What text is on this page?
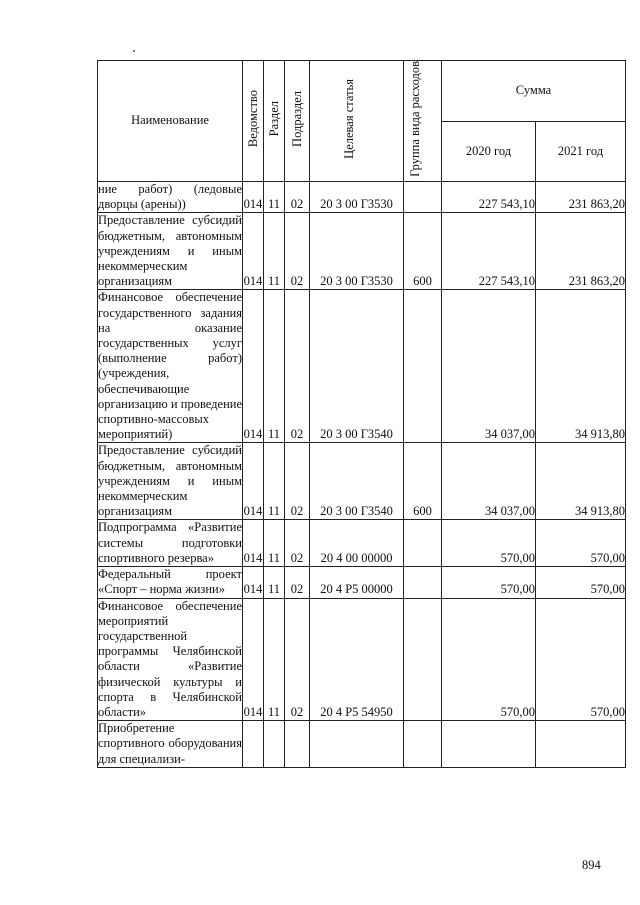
Наименование	Ведомство	Раздел	Подраздел	Целевая статья	Группа вида расходов	Сумма	
						2020 год	2021 год
ние работ) (ледовые дворцы (арены))	014	11	02	20 3 00 Г3530		227 543,10	231 863,20
Предоставление субсидий бюджетным, автономным учреждениям и иным некоммерческим организациям	014	11	02	20 3 00 Г3530	600	227 543,10	231 863,20
Финансовое обеспечение государственного задания на оказание государственных услуг (выполнение работ) (учреждения, обеспечивающие организацию и проведение спортивно-массовых мероприятий)	014	11	02	20 3 00 Г3540		34 037,00	34 913,80
Предоставление субсидий бюджетным, автономным учреждениям и иным некоммерческим организациям	014	11	02	20 3 00 Г3540	600	34 037,00	34 913,80
Подпрограмма «Развитие системы подготовки спортивного резерва»	014	11	02	20 4 00 00000		570,00	570,00
Федеральный проект «Спорт – норма жизни»	014	11	02	20 4 P5 00000		570,00	570,00
Финансовое обеспечение мероприятий государственной программы Челябинской области «Развитие физической культуры и спорта в Челябинской области»	014	11	02	20 4 P5 54950		570,00	570,00
Приобретение спортивного оборудования для специализи-							
894
